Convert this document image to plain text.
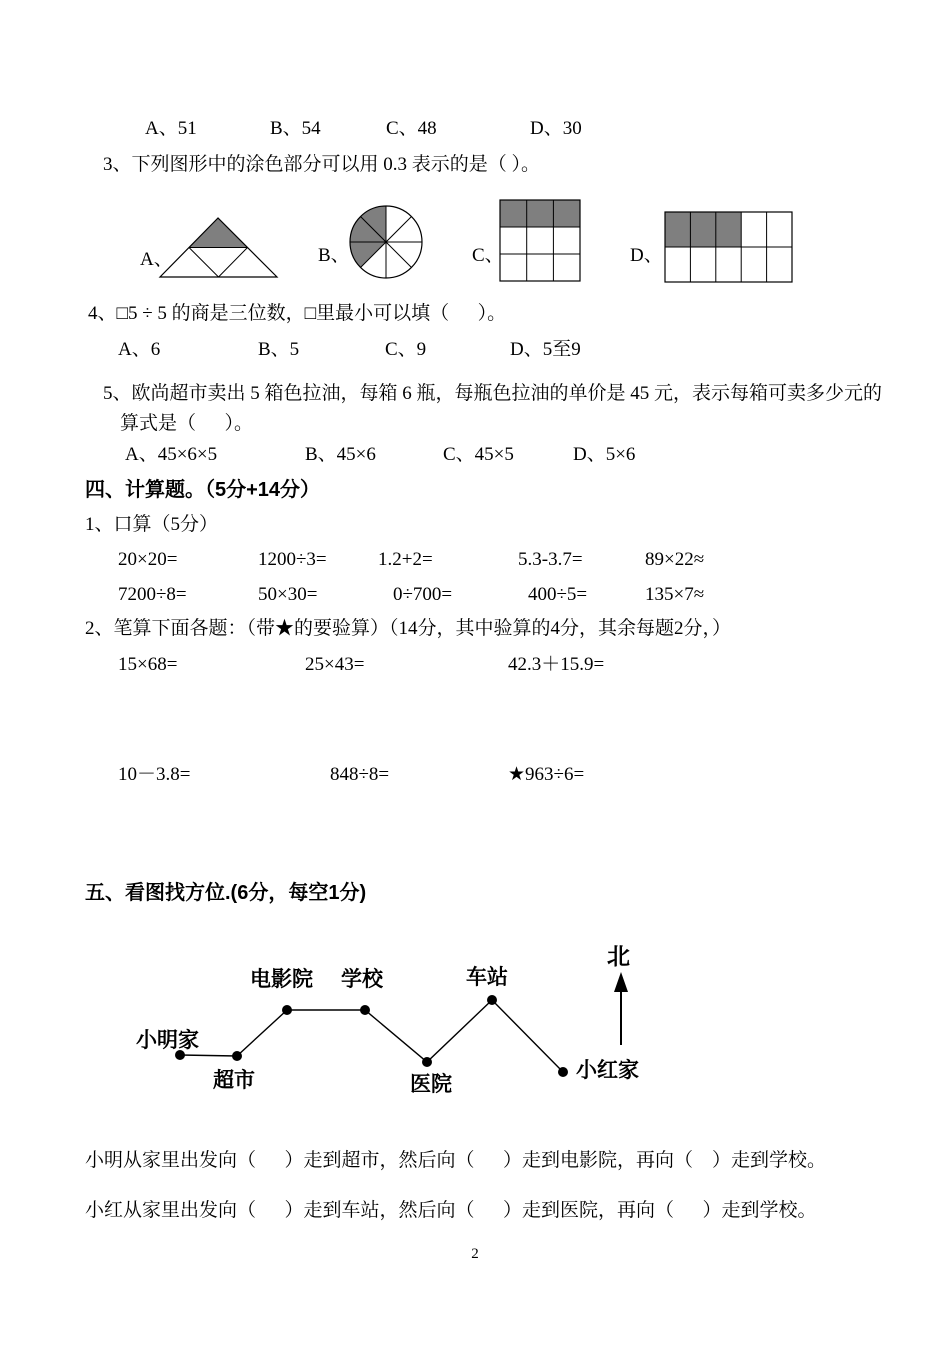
A、51	B、54	C、48	D、30
3、下列图形中的涂色部分可以用 0.3 表示的是（ ）。
A、	B、	C、	D、
4、□5 ÷ 5 的商是三位数，□里最小可以填（      ）。
A、6	B、5	C、9	D、5至9
5、欧尚超市卖出 5 箱色拉油，每箱 6 瓶，每瓶色拉油的单价是 45 元，表示每箱可卖多少元的
算式是（      ）。
A、45×6×5	B、45×6	C、45×5	D、5×6
四、计算题。（5分+14分）
1、口算（5分）
20×20=	1200÷3=	1.2+2=	5.3-3.7=	89×22≈
7200÷8=	50×30=	0÷700=	400÷5=	135×7≈
2、笔算下面各题：（带★的要验算）（14分，其中验算的4分，其余每题2分，）
15×68=	25×43=	42.3＋15.9=
10－3.8=	848÷8=	★963÷6=
五、看图找方位.(6分，每空1分)
电影院 学校	车站
北
小明家
超市	医院
小红家
小明从家里出发向（      ）走到超市，然后向（      ）走到电影院，再向（    ）走到学校。
小红从家里出发向（      ）走到车站，然后向（      ）走到医院，再向（      ）走到学校。
2
